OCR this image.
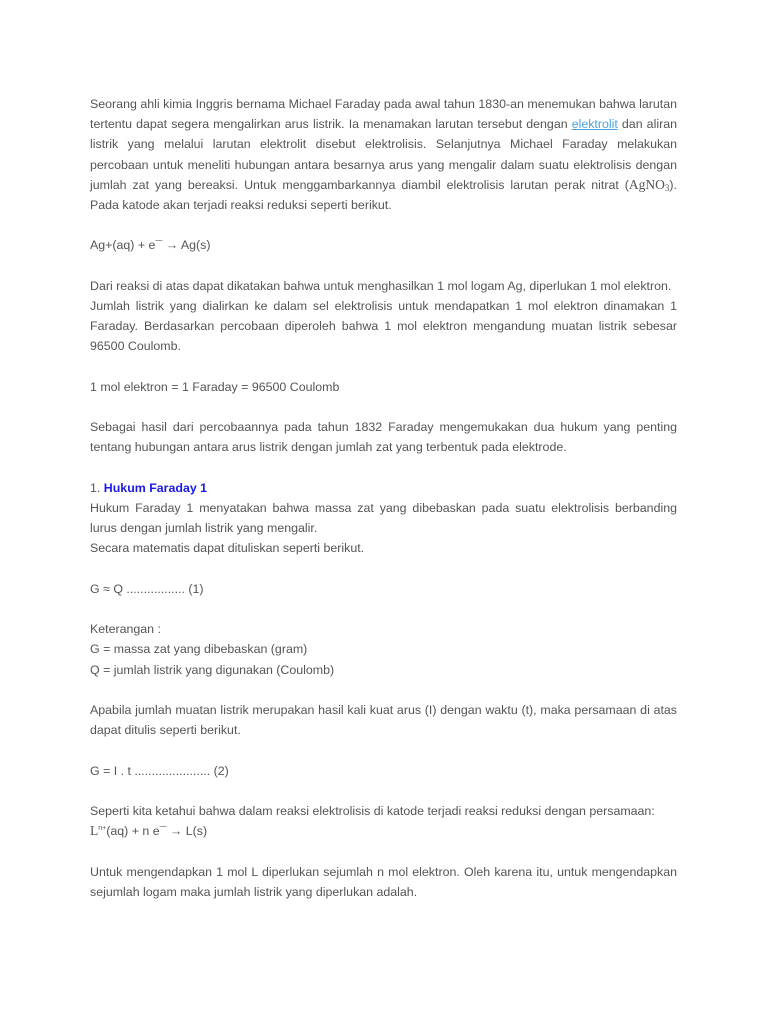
Seorang ahli kimia Inggris bernama Michael Faraday pada awal tahun 1830-an menemukan bahwa larutan tertentu dapat segera mengalirkan arus listrik. Ia menamakan larutan tersebut dengan elektrolit dan aliran listrik yang melalui larutan elektrolit disebut elektrolisis. Selanjutnya Michael Faraday melakukan percobaan untuk meneliti hubungan antara besarnya arus yang mengalir dalam suatu elektrolisis dengan jumlah zat yang bereaksi. Untuk menggambarkannya diambil elektrolisis larutan perak nitrat (AgNO$_3$). Pada katode akan terjadi reaksi reduksi seperti berikut.

Ag+(aq) + e¯ → Ag(s)

Dari reaksi di atas dapat dikatakan bahwa untuk menghasilkan 1 mol logam Ag, diperlukan 1 mol elektron.

Jumlah listrik yang dialirkan ke dalam sel elektrolisis untuk mendapatkan 1 mol elektron dinamakan 1 Faraday. Berdasarkan percobaan diperoleh bahwa 1 mol elektron mengandung muatan listrik sebesar 96500 Coulomb.

1 mol elektron = 1 Faraday = 96500 Coulomb

Sebagai hasil dari percobaannya pada tahun 1832 Faraday mengemukakan dua hukum yang penting tentang hubungan antara arus listrik dengan jumlah zat yang terbentuk pada elektrode.

1. Hukum Faraday 1

Hukum Faraday 1 menyatakan bahwa massa zat yang dibebaskan pada suatu elektrolisis berbanding lurus dengan jumlah listrik yang mengalir.

Secara matematis dapat dituliskan seperti berikut.

G ≈ Q ................. (1)

Keterangan :

G = massa zat yang dibebaskan (gram)

Q = jumlah listrik yang digunakan (Coulomb)

Apabila jumlah muatan listrik merupakan hasil kali kuat arus (I) dengan waktu (t), maka persamaan di atas dapat ditulis seperti berikut.

G = I . t ...................... (2)

Seperti kita ketahui bahwa dalam reaksi elektrolisis di katode terjadi reaksi reduksi dengan persamaan:

$L^{n+}(aq) + n$ e¯ → L(s)

Untuk mengendapkan 1 mol L diperlukan sejumlah n mol elektron. Oleh karena itu, untuk mengendapkan sejumlah logam maka jumlah listrik yang diperlukan adalah.
